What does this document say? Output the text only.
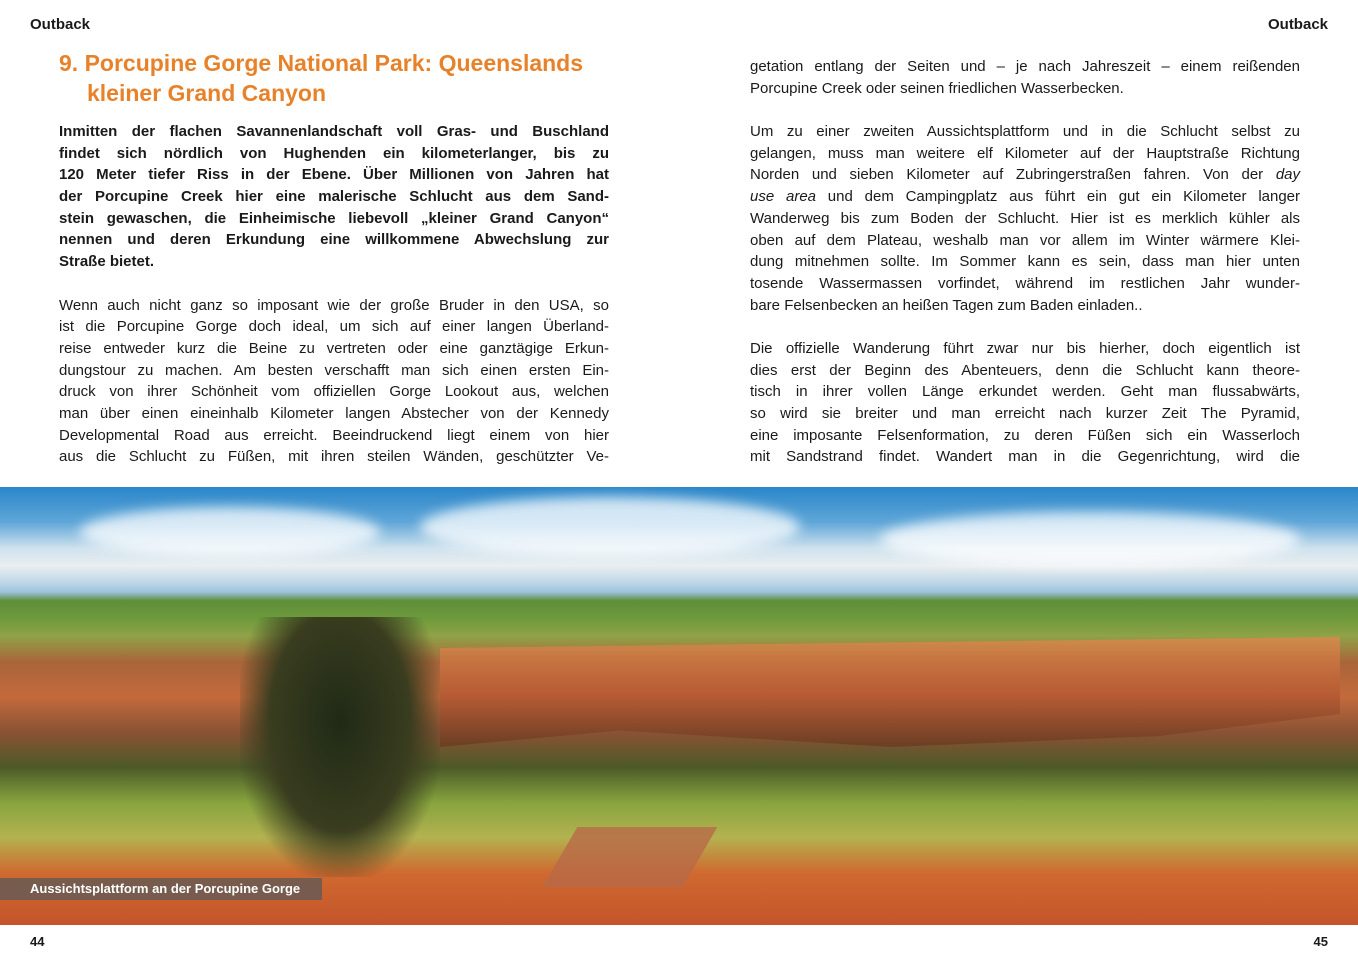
Outback	Outback
9. Porcupine Gorge National Park: Queenslands
kleiner Grand Canyon
Inmitten der flachen Savannenlandschaft voll Gras- und Buschland
findet sich nördlich von Hughenden ein kilometerlanger, bis zu
120 Meter tiefer Riss in der Ebene. Über Millionen von Jahren hat
der Porcupine Creek hier eine malerische Schlucht aus dem Sand-
stein gewaschen, die Einheimische liebevoll „kleiner Grand Canyon“
nennen und deren Erkundung eine willkommene Abwechslung zur
Straße bietet.
Wenn auch nicht ganz so imposant wie der große Bruder in den USA, so
ist die Porcupine Gorge doch ideal, um sich auf einer langen Überland-
reise entweder kurz die Beine zu vertreten oder eine ganztägige Erkun-
dungstour zu machen. Am besten verschafft man sich einen ersten Ein-
druck von ihrer Schönheit vom offiziellen Gorge Lookout aus, welchen
man über einen eineinhalb Kilometer langen Abstecher von der Kennedy
Developmental Road aus erreicht. Beeindruckend liegt einem von hier
aus die Schlucht zu Füßen, mit ihren steilen Wänden, geschützter Ve-
getation entlang der Seiten und – je nach Jahreszeit – einem reißenden
Porcupine Creek oder seinen friedlichen Wasserbecken.
Um zu einer zweiten Aussichtsplattform und in die Schlucht selbst zu
gelangen, muss man weitere elf Kilometer auf der Hauptstraße Richtung
Norden und sieben Kilometer auf Zubringerstraßen fahren. Von der day
use area und dem Campingplatz aus führt ein gut ein Kilometer langer
Wanderweg bis zum Boden der Schlucht. Hier ist es merklich kühler als
oben auf dem Plateau, weshalb man vor allem im Winter wärmere Klei-
dung mitnehmen sollte. Im Sommer kann es sein, dass man hier unten
tosende Wassermassen vorfindet, während im restlichen Jahr wunder-
bare Felsenbecken an heißen Tagen zum Baden einladen..
Die offizielle Wanderung führt zwar nur bis hierher, doch eigentlich ist
dies erst der Beginn des Abenteuers, denn die Schlucht kann theore-
tisch in ihrer vollen Länge erkundet werden. Geht man flussabwärts,
so wird sie breiter und man erreicht nach kurzer Zeit The Pyramid,
eine imposante Felsenformation, zu deren Füßen sich ein Wasserloch
mit Sandstrand findet. Wandert man in die Gegenrichtung, wird die
Aussichtsplattform an der Porcupine Gorge
44	45
